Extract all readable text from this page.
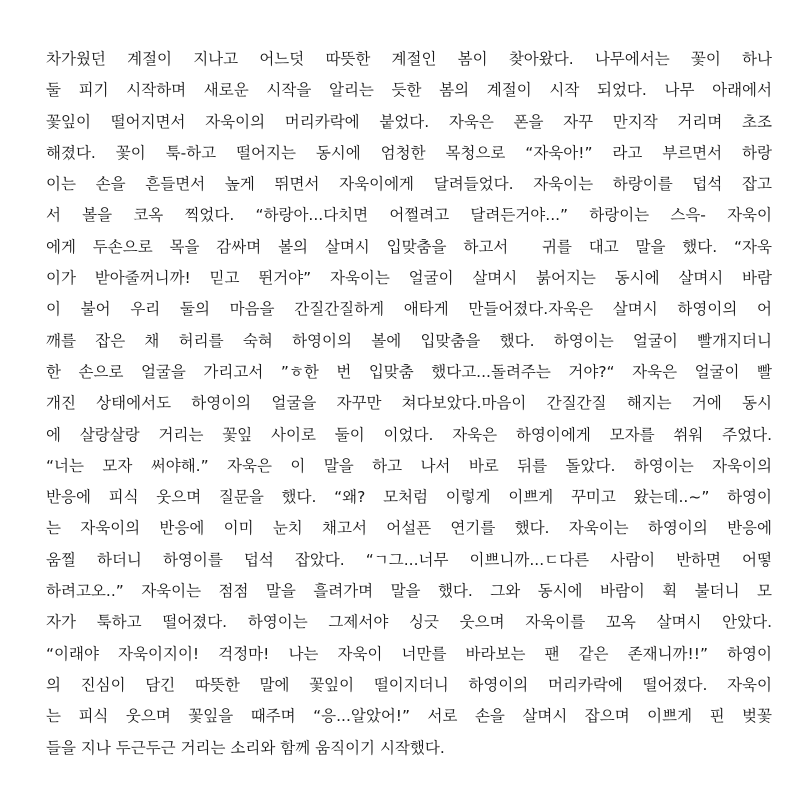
차가웠던 계절이 지나고 어느덧 따뜻한 계절인 봄이 찾아왔다. 나무에서는 꽃이 하나
둘 피기 시작하며 새로운 시작을 알리는 듯한 봄의 계절이 시작 되었다. 나무 아래에서
꽃잎이 떨어지면서 자욱이의 머리카락에 붙었다. 자욱은 폰을 자꾸 만지작 거리며 초조
해졌다. 꽃이 툭-하고 떨어지는 동시에 엄청한 목청으로 “자욱아!” 라고 부르면서 하랑
이는 손을 흔들면서 높게 뛰면서 자욱이에게 달려들었다. 자욱이는 하랑이를 덥석 잡고
서 볼을 코옥 찍었다. “하랑아...다치면 어쩔려고 달려든거야...” 하랑이는 스윽- 자욱이
에게 두손으로 목을 감싸며 볼의 살며시 입맞춤을 하고서  귀를 대고 말을 했다. “자욱
이가 받아줄꺼니까! 믿고 뛴거야” 자욱이는 얼굴이 살며시 붉어지는 동시에 살며시 바람
이 불어 우리 둘의 마음을 간질간질하게 애타게 만들어졌다.자욱은 살며시 하영이의 어
깨를 잡은 채 허리를 숙혀 하영이의 볼에 입맞춤을 했다. 하영이는 얼굴이 빨개지더니
한 손으로 얼굴을 가리고서 ”ㅎ한 번 입맞춤 했다고...돌려주는 거야?“ 자욱은 얼굴이 빨
개진 상태에서도 하영이의 얼굴을 자꾸만 쳐다보았다.마음이 간질간질 해지는 거에 동시
에 살랑살랑 거리는 꽃잎 사이로 둘이 이었다. 자욱은 하영이에게 모자를 쒸워 주었다.
“너는 모자 써야해.” 자욱은 이 말을 하고 나서 바로 뒤를 돌았다. 하영이는 자욱이의
반응에 피식 웃으며 질문을 했다. “왜? 모처럼 이렇게 이쁘게 꾸미고 왔는데..~” 하영이
는 자욱이의 반응에 이미 눈치 채고서 어설픈 연기를 했다. 자욱이는 하영이의 반응에
움찔 하더니 하영이를 덥석 잡았다. “ㄱ그...너무 이쁘니까...ㄷ다른 사람이 반하면 어떻
하려고오..” 자욱이는 점점 말을 흘려가며 말을 했다. 그와 동시에 바람이 휙 불더니 모
자가 툭하고 떨어졌다. 하영이는 그제서야 싱긋 웃으며 자욱이를 꼬옥 살며시 안았다.
“이래야 자욱이지이! 걱정마! 나는 자욱이 너만를 바라보는 팬 같은 존재니까!!” 하영이
의 진심이 담긴 따뜻한 말에 꽃잎이 떨이지더니 하영이의 머리카락에 떨어졌다. 자욱이
는 피식 웃으며 꽃잎을 때주며 “응...알았어!” 서로 손을 살며시 잡으며 이쁘게 핀 벚꽃
들을 지나 두근두근 거리는 소리와 함께 움직이기 시작했다.
